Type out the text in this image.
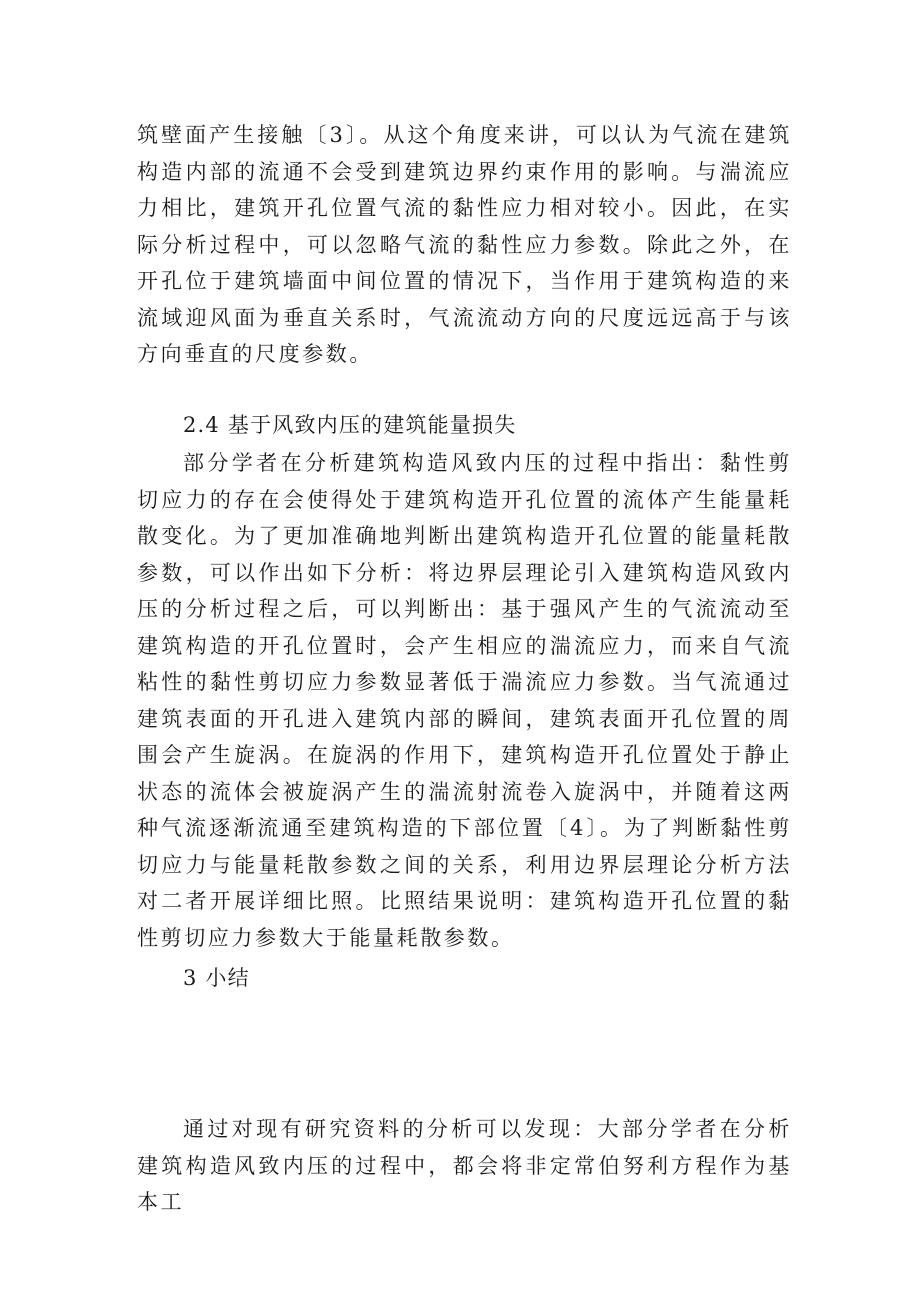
筑壁面产生接触〔3〕。从这个角度来讲，可以认为气流在建筑构造内部的流通不会受到建筑边界约束作用的影响。与湍流应力相比，建筑开孔位置气流的黏性应力相对较小。因此，在实际分析过程中，可以忽略气流的黏性应力参数。除此之外，在开孔位于建筑墙面中间位置的情况下，当作用于建筑构造的来流域迎风面为垂直关系时，气流流动方向的尺度远远高于与该方向垂直的尺度参数。

2.4 基于风致内压的建筑能量损失

部分学者在分析建筑构造风致内压的过程中指出：黏性剪切应力的存在会使得处于建筑构造开孔位置的流体产生能量耗散变化。为了更加准确地判断出建筑构造开孔位置的能量耗散参数，可以作出如下分析：将边界层理论引入建筑构造风致内压的分析过程之后，可以判断出：基于强风产生的气流流动至建筑构造的开孔位置时，会产生相应的湍流应力，而来自气流粘性的黏性剪切应力参数显著低于湍流应力参数。当气流通过建筑表面的开孔进入建筑内部的瞬间，建筑表面开孔位置的周围会产生旋涡。在旋涡的作用下，建筑构造开孔位置处于静止状态的流体会被旋涡产生的湍流射流卷入旋涡中，并随着这两种气流逐渐流通至建筑构造的下部位置〔4〕。为了判断黏性剪切应力与能量耗散参数之间的关系，利用边界层理论分析方法对二者开展详细比照。比照结果说明：建筑构造开孔位置的黏性剪切应力参数大于能量耗散参数。

3 小结

通过对现有研究资料的分析可以发现：大部分学者在分析建筑构造风致内压的过程中，都会将非定常伯努利方程作为基本工
